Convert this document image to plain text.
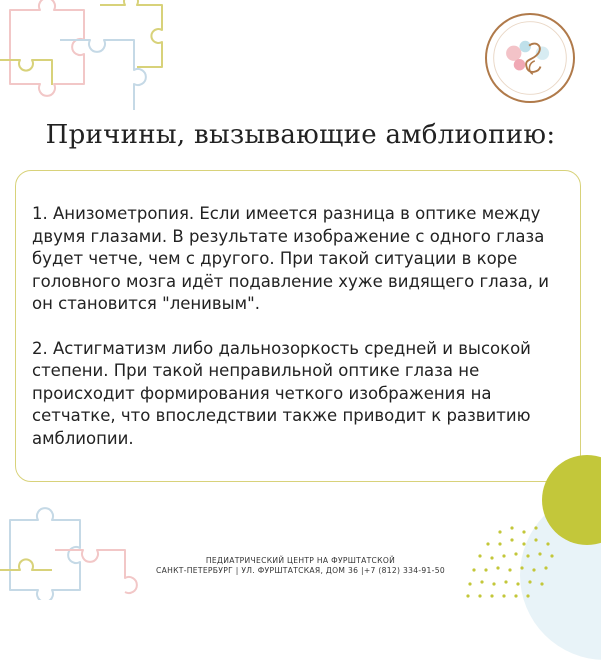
Причины, вызывающие амблиопию:

1. Анизометропия. Если имеется разница в оптике между двумя глазами. В результате изображение с одного глаза будет четче, чем с другого. При такой ситуации в коре головного мозга идёт подавление хуже видящего глаза, и он становится "ленивым".

2. Астигматизм либо дальнозоркость средней и высокой степени. При такой неправильной оптике глаза не происходит формирования четкого изображения на сетчатке, что впоследствии также приводит к развитию амблиопии.

ПЕДИАТРИЧЕСКИЙ ЦЕНТР НА ФУРШТАТСКОЙ
САНКТ-ПЕТЕРБУРГ | УЛ. ФУРШТАТСКАЯ, ДОМ 36 |+7 (812) 334-91-50
